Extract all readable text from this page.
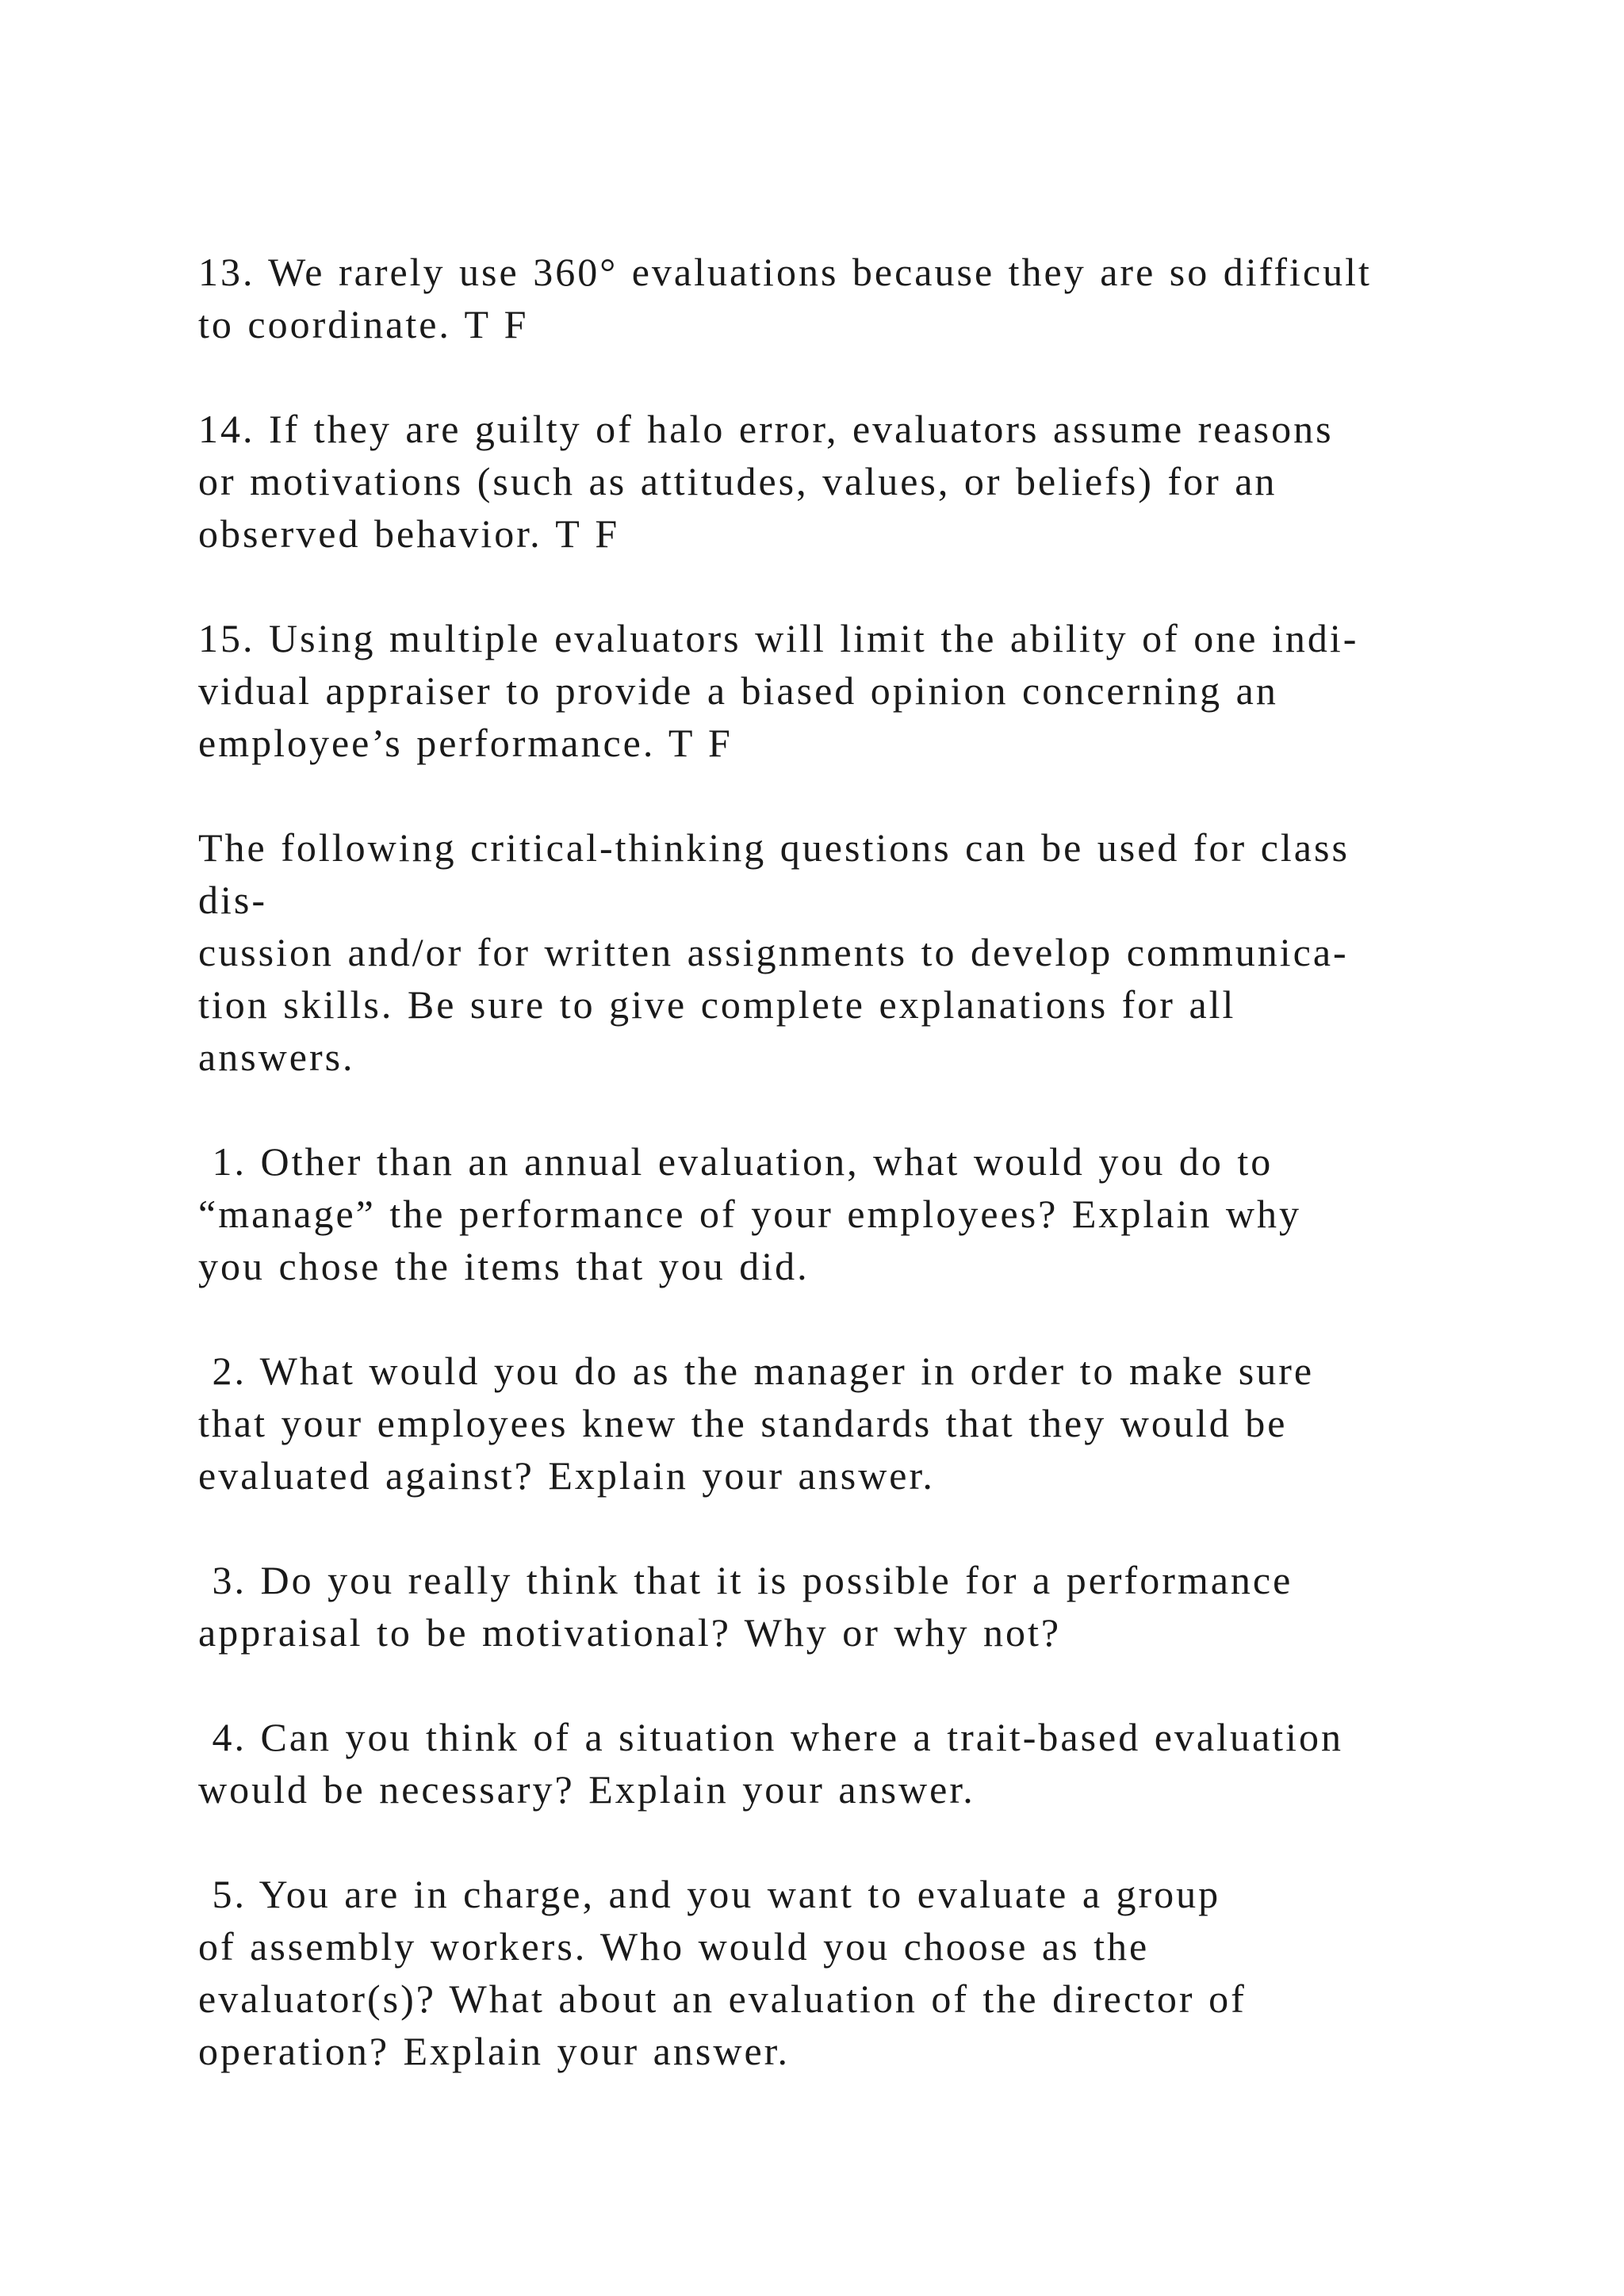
13. We rarely use 360° evaluations because they are so difficult
to coordinate. T F
14. If they are guilty of halo error, evaluators assume reasons
or motivations (such as attitudes, values, or beliefs) for an
observed behavior. T F
15. Using multiple evaluators will limit the ability of one indi-
vidual appraiser to provide a biased opinion concerning an
employee’s performance. T F
The following critical-thinking questions can be used for class
dis-
cussion and/or for written assignments to develop communica-
tion skills. Be sure to give complete explanations for all
answers.
1. Other than an annual evaluation, what would you do to
“manage” the performance of your employees? Explain why
you chose the items that you did.
2. What would you do as the manager in order to make sure
that your employees knew the standards that they would be
evaluated against? Explain your answer.
3. Do you really think that it is possible for a performance
appraisal to be motivational? Why or why not?
4. Can you think of a situation where a trait-based evaluation
would be necessary? Explain your answer.
5. You are in charge, and you want to evaluate a group
of assembly workers. Who would you choose as the
evaluator(s)? What about an evaluation of the director of
operation? Explain your answer.
